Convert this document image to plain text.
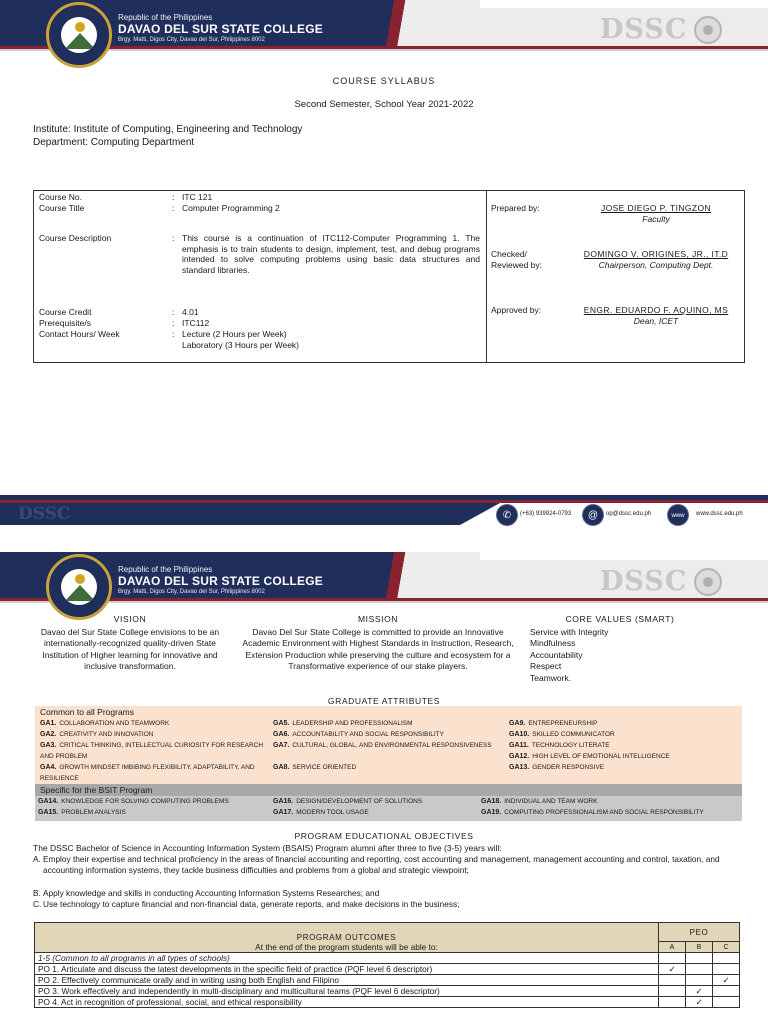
Republic of the Philippines
DAVAO DEL SUR STATE COLLEGE
Brgy. Matti, Digos City, Davao del Sur, Philippines 8002	DSSC
COURSE SYLLABUS
Second Semester, School Year 2021-2022
Institute: Institute of Computing, Engineering and Technology
Department: Computing Department
Course No.	: ITC 121
Course Title	: Computer Programming 2
Course Description	: This course is a continuation of ITC112-Computer Programming 1. The emphasis is to train students to design, implement, test, and debug programs intended to solve computing problems using basic data structures and standard libraries.
Course Credit	: 4.01
Prerequisite/s	: ITC112
Contact Hours/ Week	: Lecture (2 Hours per Week)
Laboratory (3 Hours per Week)
Prepared by:	JOSE DIEGO P. TINGZON
Faculty
Checked/
Reviewed by:
DOMINGO V. ORIGINES, JR., IT.D
Chairperson, Computing Dept.
Approved by:	ENGR. EDUARDO F. AQUINO, MS
Dean, ICET
DSSC	✆	(+63) 939924-0793	@	op@dssc.edu.ph	www	www.dssc.edu.ph
Republic of the Philippines
DAVAO DEL SUR STATE COLLEGE
Brgy. Matti, Digos City, Davao del Sur, Philippines 8002	DSSC
VISION
Davao del Sur State College envisions to be an internationally-recognized quality-driven State Institution of Higher learning for innovative and inclusive transformation.
MISSION
Davao Del Sur State College is committed to provide an Innovative Academic Environment with Highest Standards in Instruction, Research, Extension Production while preserving the culture and ecosystem for a Transformative experience of our stake players.
CORE VALUES (SMART)
Service with Integrity
Mindfulness
Accountability
Respect
Teamwork.
GRADUATE ATTRIBUTES
Common to all Programs
GA1. COLLABORATION AND TEAMWORK
GA2. CREATIVITY AND INNOVATION
GA3. CRITICAL THINKING, INTELLECTUAL CURIOSITY FOR RESEARCH AND PROBLEM
GA4. GROWTH MINDSET IMBIBING FLEXIBILITY, ADAPTABILITY, AND RESILIENCE
GA5. LEADERSHIP AND PROFESSIONALISM
GA6. ACCOUNTABILITY AND SOCIAL RESPONSIBILITY
GA7. CULTURAL, GLOBAL, AND ENVIRONMENTAL RESPONSIVENESS
GA8. SERVICE ORIENTED
GA9. ENTREPRENEURSHIP
GA10. SKILLED COMMUNICATOR
GA11. TECHNOLOGY LITERATE
GA12. HIGH LEVEL OF EMOTIONAL INTELLIGENCE
GA13. GENDER RESPONSIVE
Specific for the BSIT Program
GA14. KNOWLEDGE FOR SOLVING COMPUTING PROBLEMS
GA15. PROBLEM ANALYSIS
GA16. DESIGN/DEVELOPMENT OF SOLUTIONS
GA17. MODERN TOOL USAGE
GA18. INDIVIDUAL AND TEAM WORK
GA19. COMPUTING PROFESSIONALISM AND SOCIAL RESPONSIBILITY
PROGRAM EDUCATIONAL OBJECTIVES
The DSSC Bachelor of Science in Accounting Information System (BSAIS) Program alumni after three to five (3-5) years will:
A. Employ their expertise and technical proficiency in the areas of financial accounting and reporting, cost accounting and management, management accounting and control, taxation, and accounting information systems, they tackle business difficulties and problems from a global and strategic viewpoint;
B. Apply knowledge and skills in conducting Accounting Information Systems Researches; and
C. Use technology to capture financial and non-financial data, generate reports, and make decisions in the business;
PROGRAM OUTCOMES
At the end of the program students will be able to:	PEO		
	A	B	C
1-5 (Common to all programs in all types of schools)			
PO 1. Articulate and discuss the latest developments in the specific field of practice (PQF level 6 descriptor)	✓		
PO 2. Effectively communicate orally and in writing using both English and Filipino			✓
PO 3. Work effectively and independently in multi-disciplinary and multicultural teams (PQF level 6 descriptor)		✓	
PO 4. Act in recognition of professional, social, and ethical responsibility		✓	
